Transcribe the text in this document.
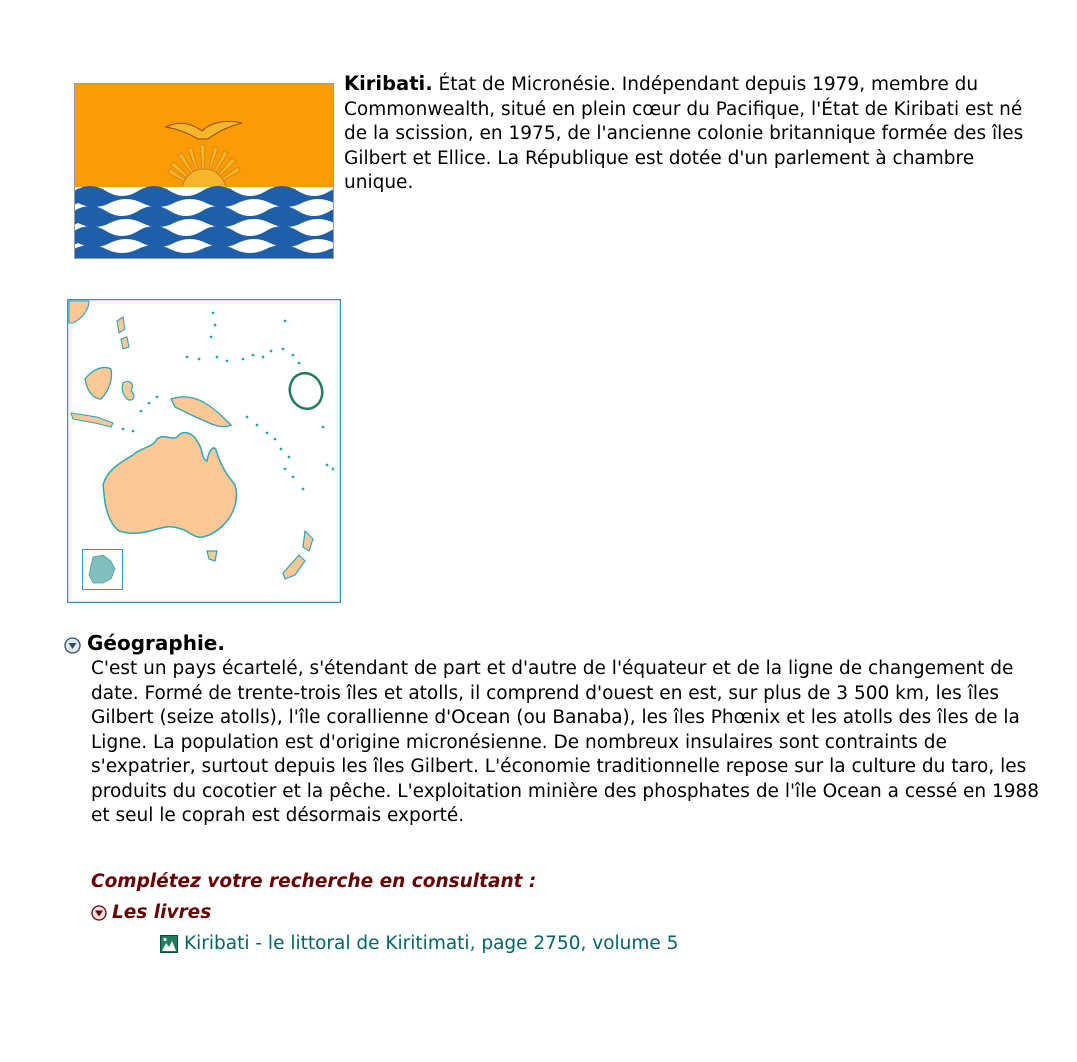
Kiribati. État de Micronésie. Indépendant depuis 1979, membre du Commonwealth, situé en plein cœur du Pacifique, l'État de Kiribati est né de la scission, en 1975, de l'ancienne colonie britannique formée des îles Gilbert et Ellice. La République est dotée d'un parlement à chambre unique.
Géographie.
C'est un pays écartelé, s'étendant de part et d'autre de l'équateur et de la ligne de changement de date. Formé de trente-trois îles et atolls, il comprend d'ouest en est, sur plus de 3 500 km, les îles Gilbert (seize atolls), l'île corallienne d'Ocean (ou Banaba), les îles Phœnix et les atolls des îles de la Ligne. La population est d'origine micronésienne. De nombreux insulaires sont contraints de s'expatrier, surtout depuis les îles Gilbert. L'économie traditionnelle repose sur la culture du taro, les produits du cocotier et la pêche. L'exploitation minière des phosphates de l'île Ocean a cessé en 1988 et seul le coprah est désormais exporté.
Complétez votre recherche en consultant :
Les livres
Kiribati - le littoral de Kiritimati, page 2750, volume 5
